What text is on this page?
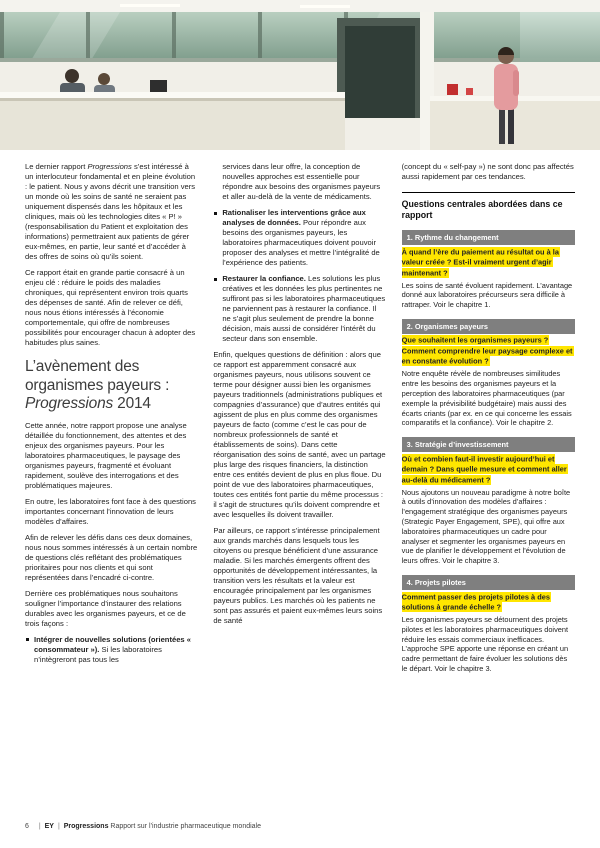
Le dernier rapport Progressions s’est intéressé à un interlocuteur fondamental et en pleine évolution : le patient. Nous y avons décrit une transition vers un monde où les soins de santé ne seraient pas uniquement dispensés dans les hôpitaux et les cliniques, mais où les technologies dites « P! » (responsabilisation du Patient et exploitation des informations) permettraient aux patients de gérer eux-mêmes, en partie, leur santé et d’accéder à des offres de soins où qu’ils soient.

Ce rapport était en grande partie consacré à un enjeu clé : réduire le poids des maladies chroniques, qui représentent environ trois quarts des dépenses de santé. Afin de relever ce défi, nous nous étions intéressés à l’économie comportementale, qui offre de nombreuses possibilités pour encourager chacun à adopter des habitudes plus saines.

L’avènement des
organismes payeurs :
Progressions 2014

Cette année, notre rapport propose une analyse détaillée du fonctionnement, des attentes et des enjeux des organismes payeurs. Pour les laboratoires pharmaceutiques, le paysage des organismes payeurs, fragmenté et évoluant rapidement, soulève des interrogations et des problématiques majeures.

En outre, les laboratoires font face à des questions importantes concernant l’innovation de leurs modèles d’affaires.

Afin de relever les défis dans ces deux domaines, nous nous sommes intéressés à un certain nombre de questions clés reflétant des problématiques prioritaires pour nos clients et qui sont représentées dans l’encadré ci-contre.

Derrière ces problématiques nous souhaitons souligner l’importance d’instaurer des relations durables avec les organismes payeurs, et ce de trois façons :

Intégrer de nouvelles solutions (orientées « consommateur »). Si les laboratoires n’intègreront pas tous les

services dans leur offre, la conception de nouvelles approches est essentielle pour répondre aux besoins des organismes payeurs et aller au-delà de la vente de médicaments.

Rationaliser les interventions grâce aux analyses de données. Pour répondre aux besoins des organismes payeurs, les laboratoires pharmaceutiques doivent pouvoir proposer des analyses et mettre l’intégralité de l’expérience des patients.
Restaurer la confiance. Les solutions les plus créatives et les données les plus pertinentes ne suffiront pas si les laboratoires pharmaceutiques ne parviennent pas à restaurer la confiance. Il ne s’agit plus seulement de prendre la bonne décision, mais aussi de considérer l’intérêt du secteur dans son ensemble.

Enfin, quelques questions de définition : alors que ce rapport est apparemment consacré aux organismes payeurs, nous utilisons souvent ce terme pour désigner aussi bien les organismes payeurs traditionnels (administrations publiques et compagnies d’assurance) que d’autres entités qui agissent de plus en plus comme des organismes payeurs de facto (comme c’est le cas pour de nombreux professionnels de santé et établissements de soins). Dans cette réorganisation des soins de santé, avec un partage plus large des risques financiers, la distinction entre ces entités devient de plus en plus floue. Du point de vue des laboratoires pharmaceutiques, toutes ces entités font partie du même processus : il s’agit de structures qu’ils doivent comprendre et avec lesquelles ils doivent travailler.

Par ailleurs, ce rapport s’intéresse principalement aux grands marchés dans lesquels tous les citoyens ou presque bénéficient d’une assurance maladie. Si les marchés émergents offrent des opportunités de développement intéressantes, la transition vers les résultats et la valeur est encouragée principalement par les organismes payeurs publics. Les marchés où les patients ne sont pas assurés et paient eux-mêmes leurs soins de santé

(concept du « self-pay ») ne sont donc pas affectés aussi rapidement par ces tendances.

Questions centrales abordées dans ce rapport
1. Rythme du changement
À quand l’ère du paiement au résultat ou à la valeur créée ? Est-il vraiment urgent d’agir maintenant ?
Les soins de santé évoluent rapidement. L’avantage donné aux laboratoires précurseurs sera difficile à rattraper. Voir le chapitre 1.
2. Organismes payeurs
Que souhaitent les organismes payeurs ? Comment comprendre leur paysage complexe et en constante évolution ?
Notre enquête révèle de nombreuses similitudes entre les besoins des organismes payeurs et la perception des laboratoires pharmaceutiques (par exemple la prévisibilité budgétaire) mais aussi des écarts criants (par ex. en ce qui concerne les essais comparatifs et la confiance). Voir le chapitre 2.
3. Stratégie d’investissement
Où et combien faut-il investir aujourd’hui et demain ? Dans quelle mesure et comment aller au-delà du médicament ?
Nous ajoutons un nouveau paradigme à notre boîte à outils d’innovation des modèles d’affaires : l’engagement stratégique des organismes payeurs (Strategic Payer Engagement, SPE), qui offre aux laboratoires pharmaceutiques un cadre pour analyser et segmenter les organismes payeurs en vue de planifier le développement et l’évolution de leurs offres. Voir le chapitre 3.
4. Projets pilotes
Comment passer des projets pilotes à des solutions à grande échelle ?
Les organismes payeurs se détournent des projets pilotes et les laboratoires pharmaceutiques doivent réduire les essais commerciaux inefficaces. L’approche SPE apporte une réponse en créant un cadre permettant de faire évoluer les solutions dès le départ. Voir le chapitre 3.
6 | EY | Progressions Rapport sur l’industrie pharmaceutique mondiale
